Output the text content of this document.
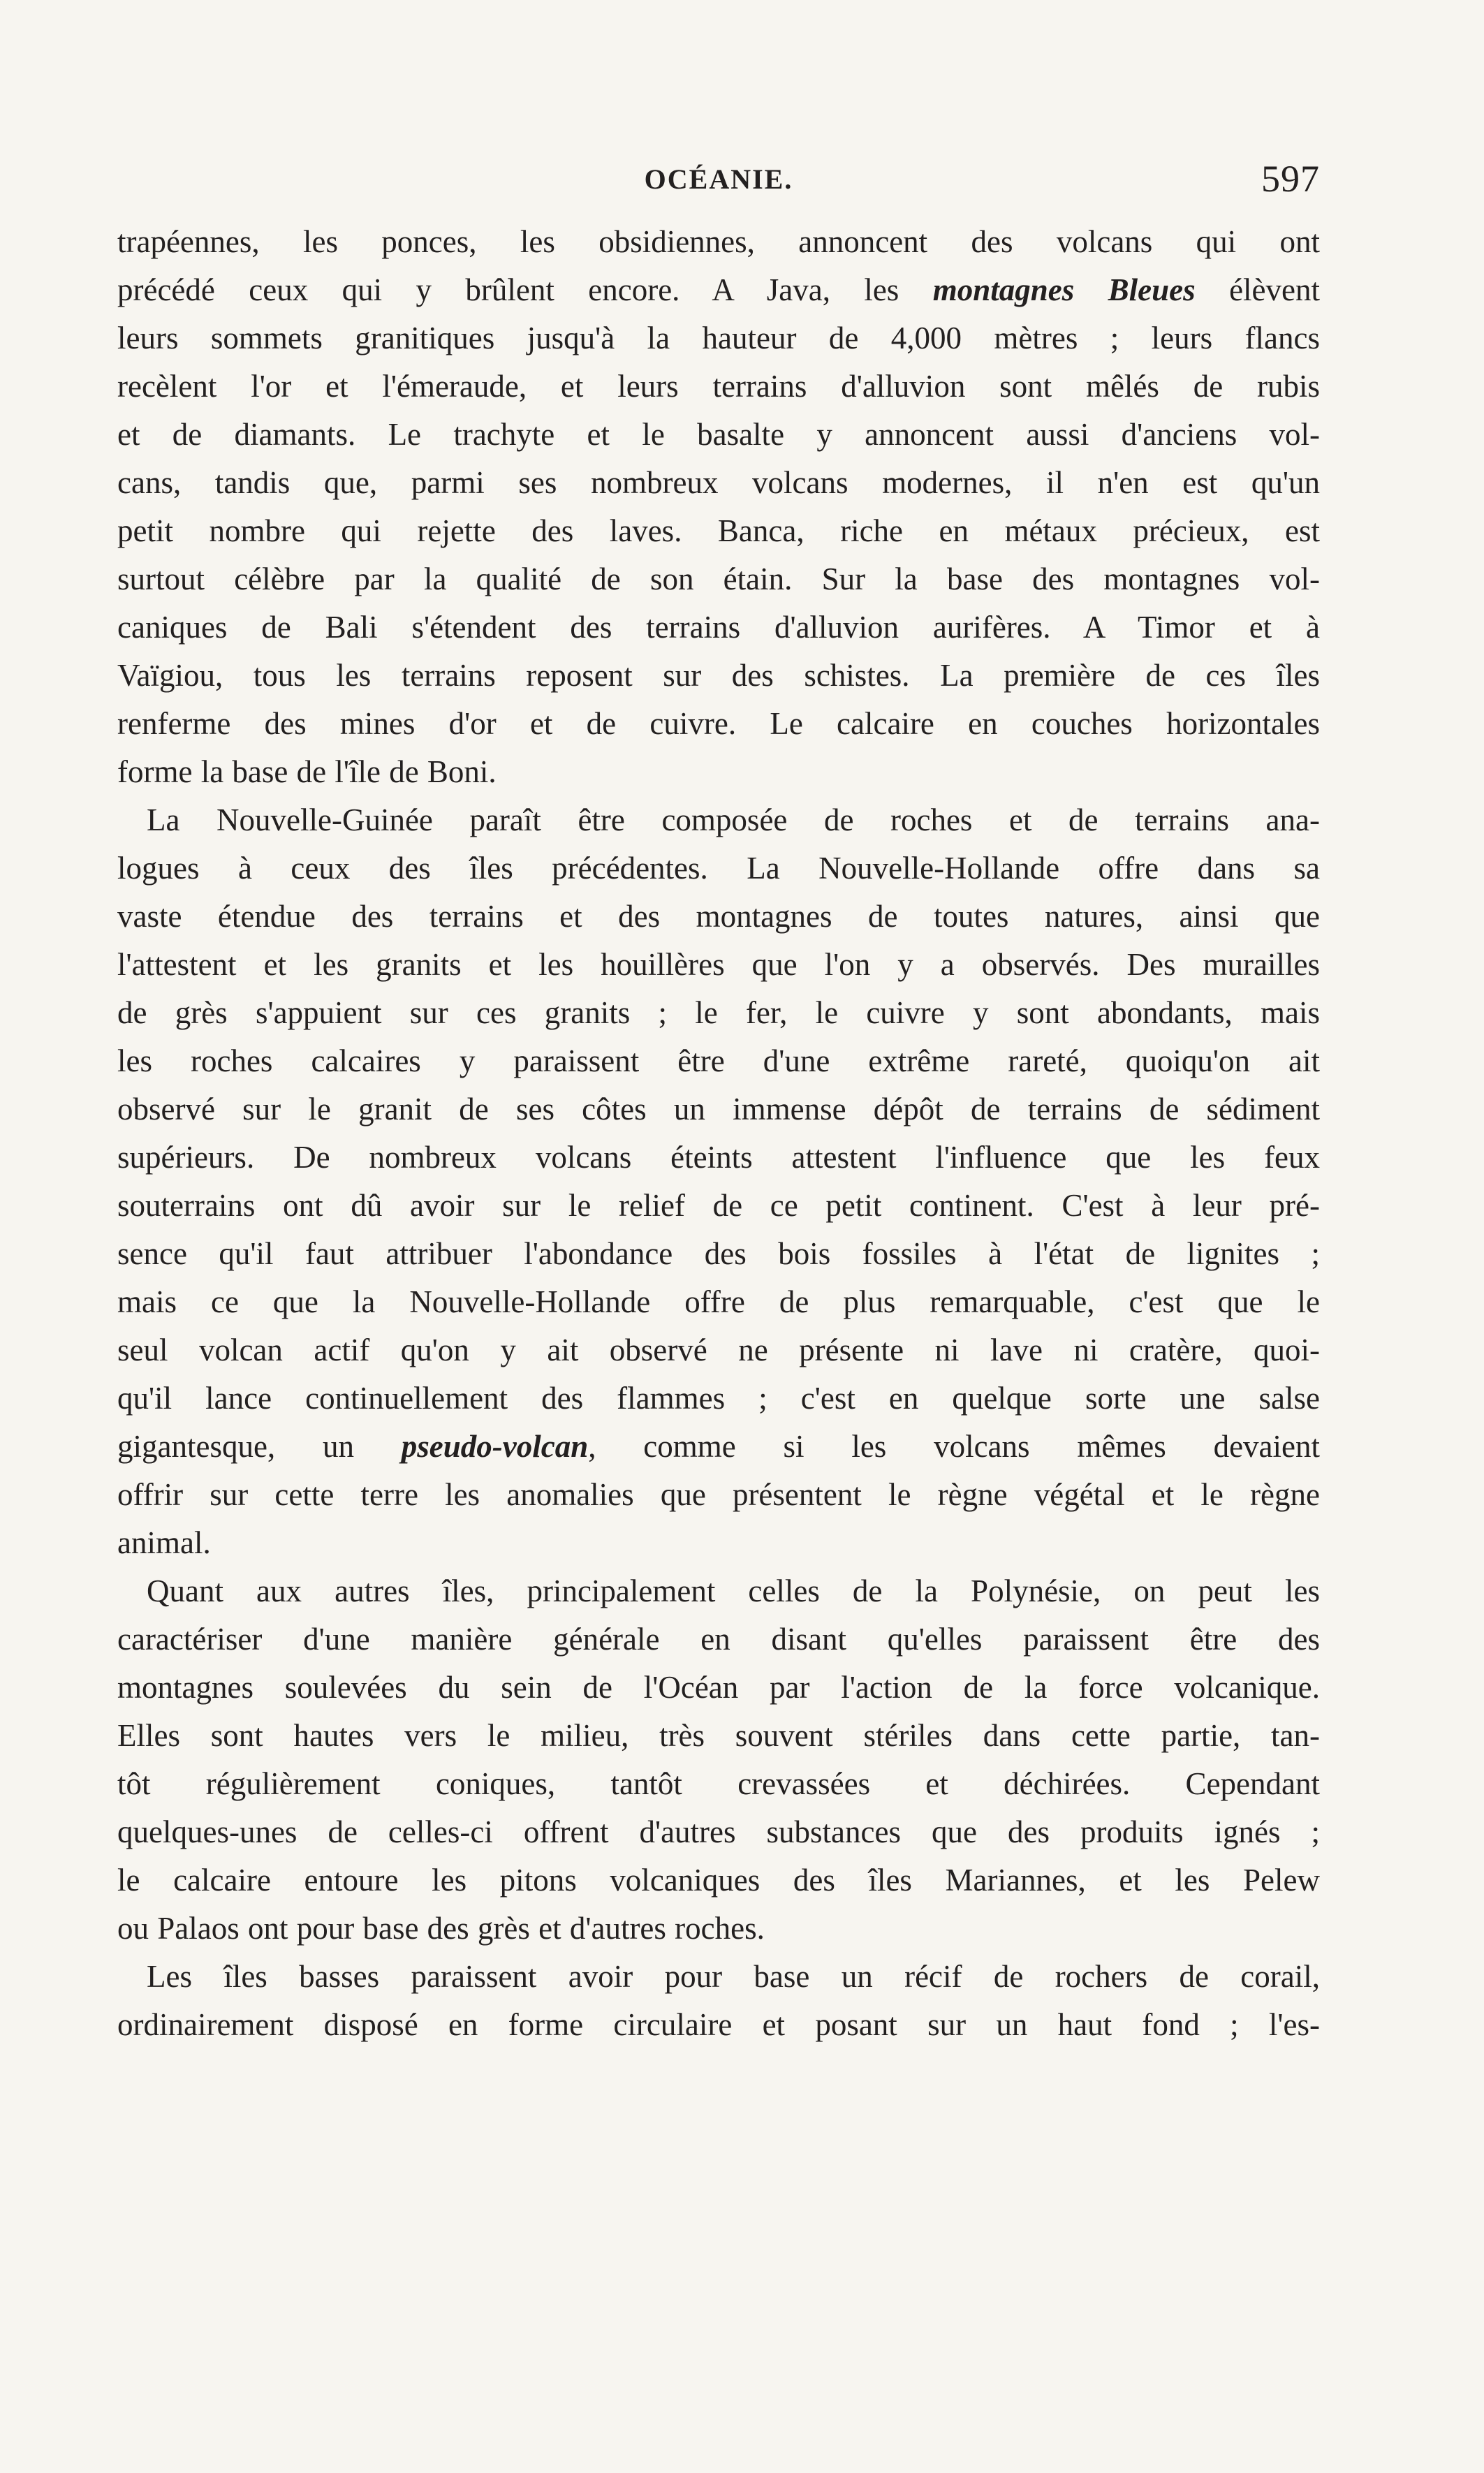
OCÉANIE.	597
trapéennes, les ponces, les obsidiennes, annoncent des volcans qui ont
précédé ceux qui y brûlent encore. A Java, les montagnes Bleues élèvent
leurs sommets granitiques jusqu'à la hauteur de 4,000 mètres ; leurs flancs
recèlent l'or et l'émeraude, et leurs terrains d'alluvion sont mêlés de rubis
et de diamants. Le trachyte et le basalte y annoncent aussi d'anciens vol-
cans, tandis que, parmi ses nombreux volcans modernes, il n'en est qu'un
petit nombre qui rejette des laves. Banca, riche en métaux précieux, est
surtout célèbre par la qualité de son étain. Sur la base des montagnes vol-
caniques de Bali s'étendent des terrains d'alluvion aurifères. A Timor et à
Vaïgiou, tous les terrains reposent sur des schistes. La première de ces îles
renferme des mines d'or et de cuivre. Le calcaire en couches horizontales
forme la base de l'île de Boni.
La Nouvelle-Guinée paraît être composée de roches et de terrains ana-
logues à ceux des îles précédentes. La Nouvelle-Hollande offre dans sa
vaste étendue des terrains et des montagnes de toutes natures, ainsi que
l'attestent et les granits et les houillères que l'on y a observés. Des murailles
de grès s'appuient sur ces granits ; le fer, le cuivre y sont abondants, mais
les roches calcaires y paraissent être d'une extrême rareté, quoiqu'on ait
observé sur le granit de ses côtes un immense dépôt de terrains de sédiment
supérieurs. De nombreux volcans éteints attestent l'influence que les feux
souterrains ont dû avoir sur le relief de ce petit continent. C'est à leur pré-
sence qu'il faut attribuer l'abondance des bois fossiles à l'état de lignites ;
mais ce que la Nouvelle-Hollande offre de plus remarquable, c'est que le
seul volcan actif qu'on y ait observé ne présente ni lave ni cratère, quoi-
qu'il lance continuellement des flammes ; c'est en quelque sorte une salse
gigantesque, un pseudo-volcan, comme si les volcans mêmes devaient
offrir sur cette terre les anomalies que présentent le règne végétal et le règne
animal.
Quant aux autres îles, principalement celles de la Polynésie, on peut les
caractériser d'une manière générale en disant qu'elles paraissent être des
montagnes soulevées du sein de l'Océan par l'action de la force volcanique.
Elles sont hautes vers le milieu, très souvent stériles dans cette partie, tan-
tôt régulièrement coniques, tantôt crevassées et déchirées. Cependant
quelques-unes de celles-ci offrent d'autres substances que des produits ignés ;
le calcaire entoure les pitons volcaniques des îles Mariannes, et les Pelew
ou Palaos ont pour base des grès et d'autres roches.
Les îles basses paraissent avoir pour base un récif de rochers de corail,
ordinairement disposé en forme circulaire et posant sur un haut fond ; l'es-
